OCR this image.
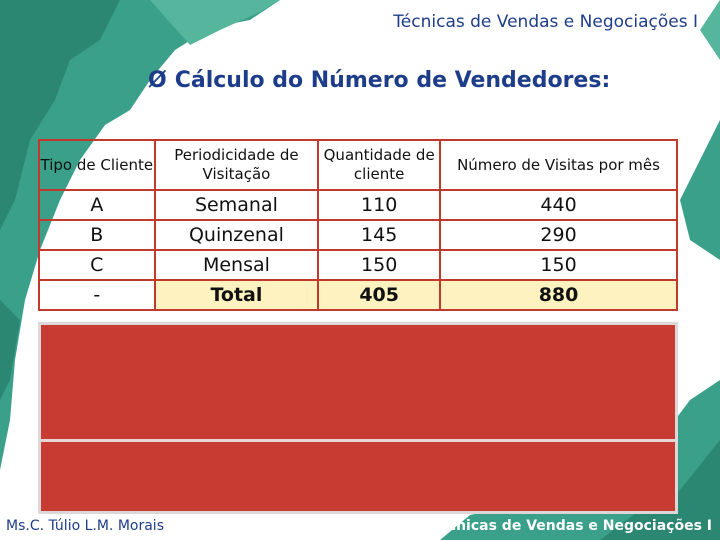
Técnicas de Vendas e Negociações I
Ø Cálculo do Número de Vendedores:
Tipo de Cliente	Periodicidade de Visitação	Quantidade de cliente	Número de Visitas por mês
A	Semanal	110	440
B	Quinzenal	145	290
C	Mensal	150	150
-	Total	405	880
Ms.C. Túlio L.M. Morais	Técnicas de Vendas e Negociações I
